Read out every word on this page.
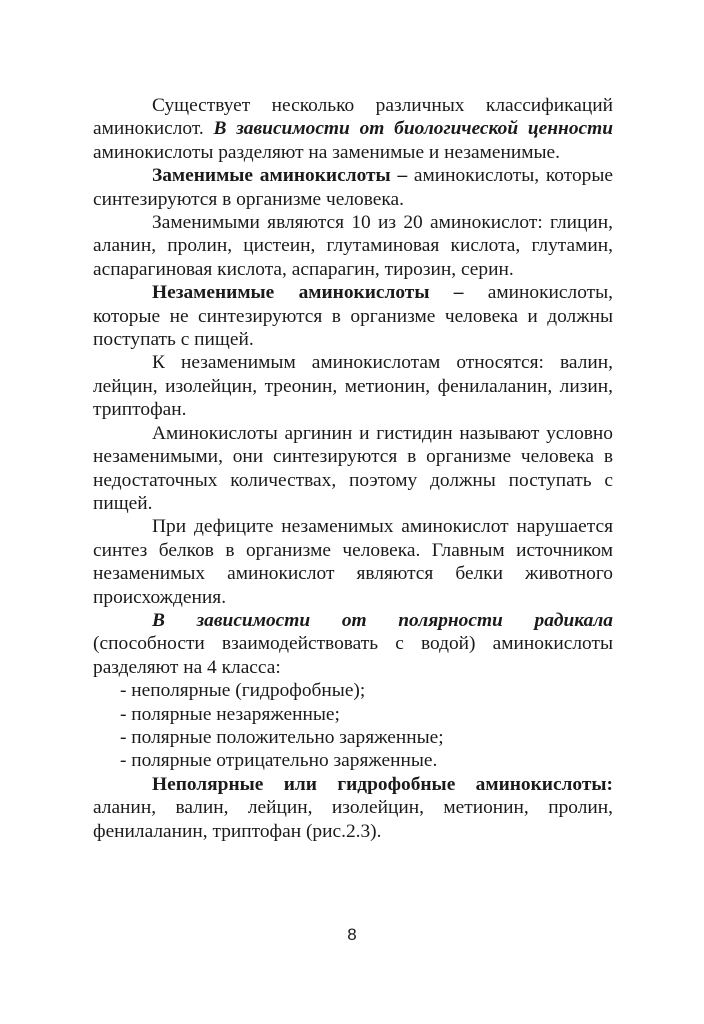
Существует несколько различных классификаций аминокислот. В зависимости от биологической ценности аминокислоты разделяют на заменимые и незаменимые.

Заменимые аминокислоты – аминокислоты, которые синтезируются в организме человека.

Заменимыми являются 10 из 20 аминокислот: глицин, аланин, пролин, цистеин, глутаминовая кислота, глутамин, аспарагиновая кислота, аспарагин, тирозин, серин.

Незаменимые аминокислоты – аминокислоты, которые не синтезируются в организме человека и должны поступать с пищей.

К незаменимым аминокислотам относятся: валин, лейцин, изолейцин, треонин, метионин, фенилаланин, лизин, триптофан.

Аминокислоты аргинин и гистидин называют условно незаменимыми, они синтезируются в организме человека в недостаточных количествах, поэтому должны поступать с пищей.

При дефиците незаменимых аминокислот нарушается синтез белков в организме человека. Главным источником незаменимых аминокислот являются белки животного происхождения.

В зависимости от полярности радикала (способности взаимодействовать с водой) аминокислоты разделяют на 4 класса:

- неполярные (гидрофобные);

- полярные незаряженные;

- полярные положительно заряженные;

- полярные отрицательно заряженные.

Неполярные или гидрофобные аминокислоты: аланин, валин, лейцин, изолейцин, метионин, пролин, фенилаланин, триптофан (рис.2.3).

8
